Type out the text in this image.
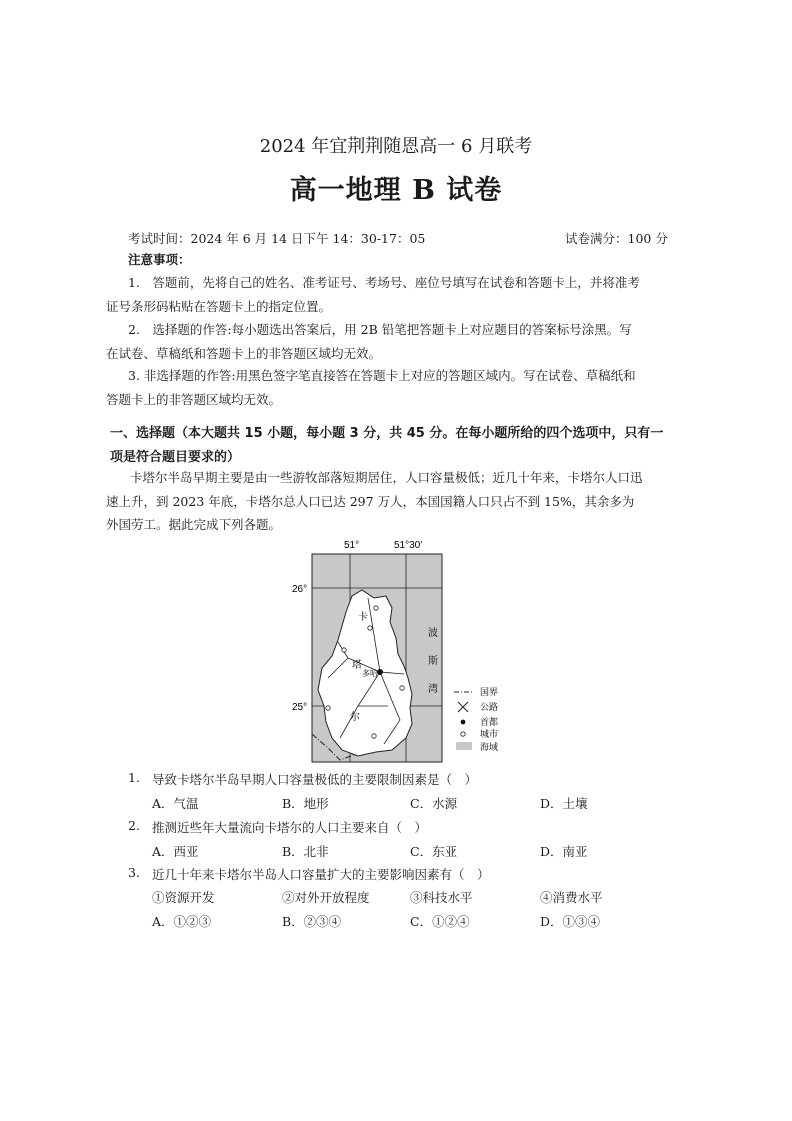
2024 年宜荆荆随恩高一 6 月联考
高一地理 B 试卷
考试时间：2024 年 6 月 14 日下午 14：30-17：05	试卷满分：100 分
注意事项：
1.　答题前，先将自己的姓名、准考证号、考场号、座位号填写在试卷和答题卡上，并将准考证号条形码粘贴在答题卡上的指定位置。
2.　选择题的作答:每小题选出答案后，用 2B 铅笔把答题卡上对应题目的答案标号涂黑。写在试卷、草稿纸和答题卡上的非答题区域均无效。
3. 非选择题的作答:用黑色签字笔直接答在答题卡上对应的答题区域内。写在试卷、草稿纸和答题卡上的非答题区域均无效。
一、选择题（本大题共 15 小题，每小题 3 分，共 45 分。在每小题所给的四个选项中，只有一项是符合题目要求的）
卡塔尔半岛早期主要是由一些游牧部落短期居住，人口容量极低；近几十年来，卡塔尔人口迅速上升，到 2023 年底，卡塔尔总人口已达 297 万人，本国国籍人口只占不到 15%，其余多为外国劳工。据此完成下列各题。
51°	51°30′
26°
25°
卡
塔
尔
波
斯
湾
多哈
国界
公路
首都
城市
海域
1. 导致卡塔尔半岛早期人口容量极低的主要限制因素是（　）
A．气温	B．地形	C．水源	D．土壤
2. 推测近些年大量流向卡塔尔的人口主要来自（　）
A．西亚	B．北非	C．东亚	D．南亚
3. 近几十年来卡塔尔半岛人口容量扩大的主要影响因素有（　）
①资源开发	②对外开放程度	③科技水平	④消费水平
A．①②③	B．②③④	C．①②④	D．①③④
